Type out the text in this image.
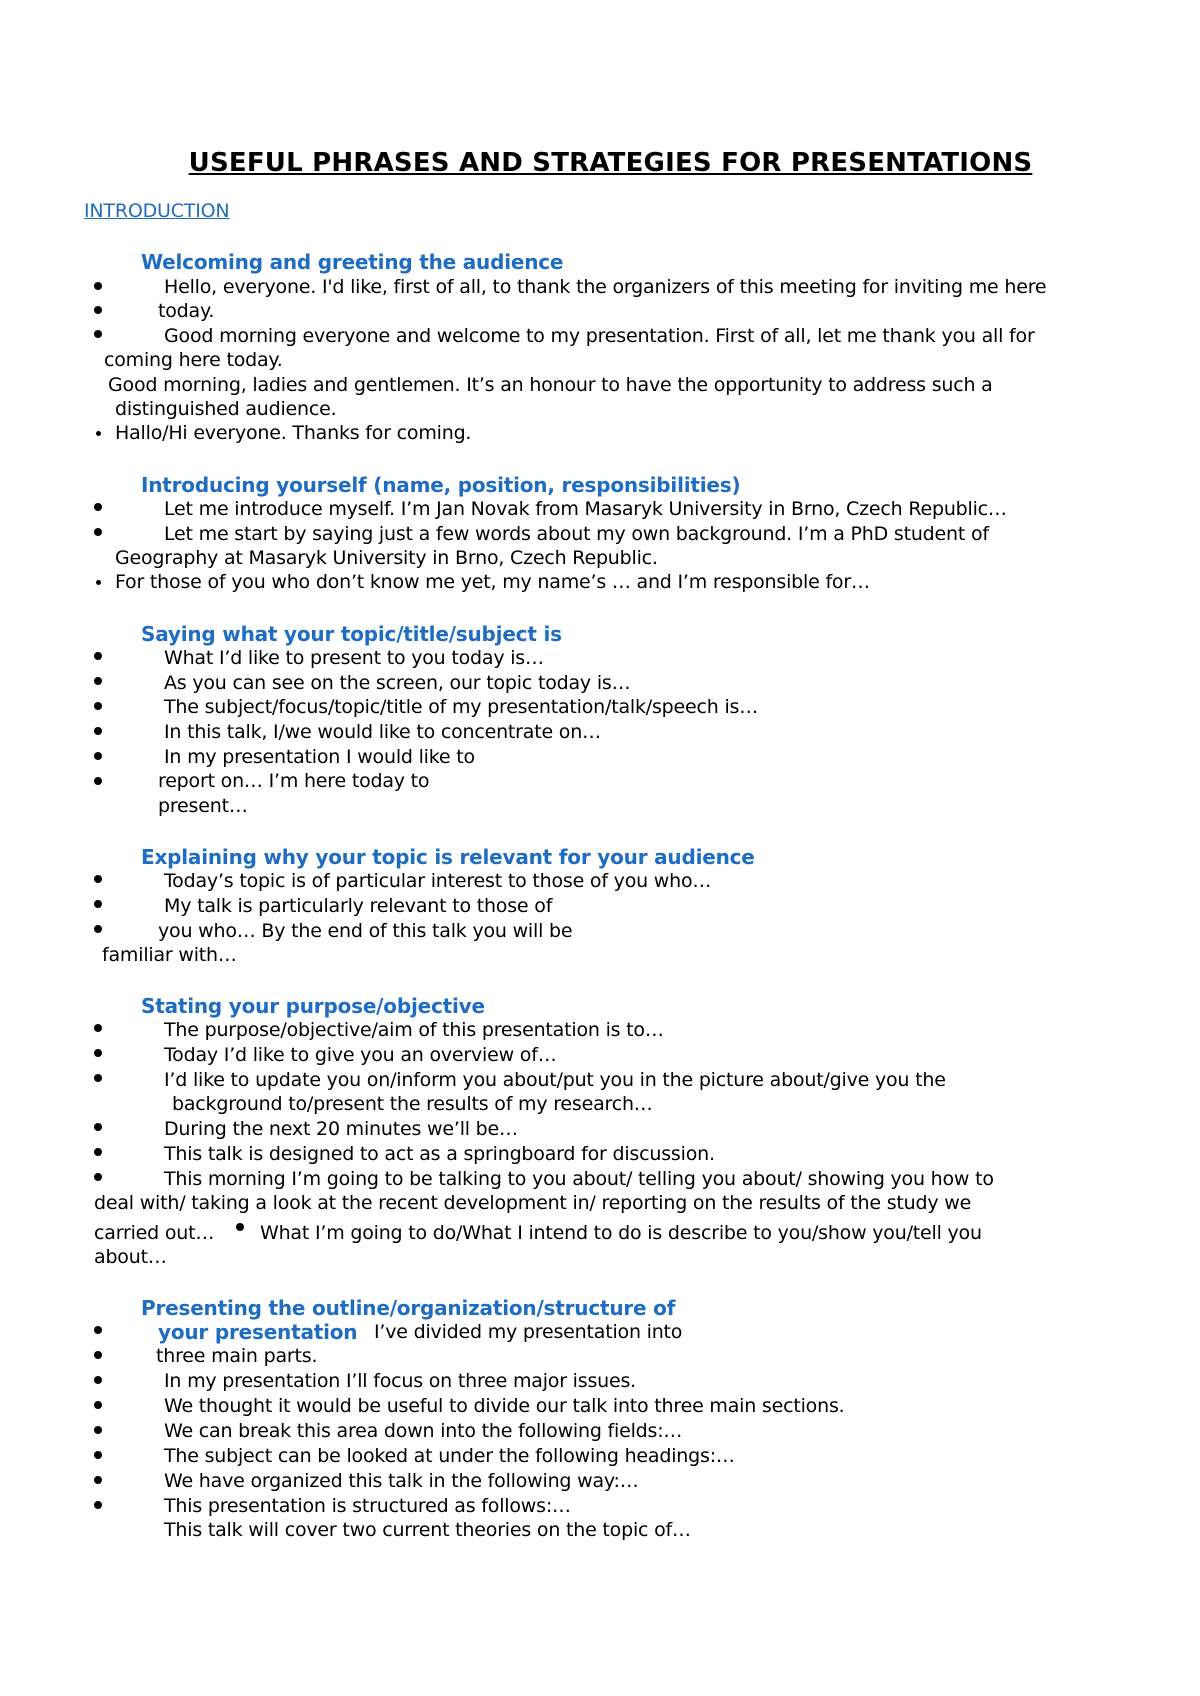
USEFUL PHRASES AND STRATEGIES FOR PRESENTATIONS
INTRODUCTION
Welcoming and greeting the audience
Hello, everyone. I'd like, first of all, to thank the organizers of this meeting for inviting me here
today.
Good morning everyone and welcome to my presentation. First of all, let me thank you all for
coming here today.
Good morning, ladies and gentlemen. It’s an honour to have the opportunity to address such a
distinguished audience.
Hallo/Hi everyone. Thanks for coming.
Introducing yourself (name, position, responsibilities)
Let me introduce myself. I’m Jan Novak from Masaryk University in Brno, Czech Republic…
Let me start by saying just a few words about my own background. I’m a PhD student of
Geography at Masaryk University in Brno, Czech Republic.
For those of you who don’t know me yet, my name’s … and I’m responsible for…
Saying what your topic/title/subject is
What I’d like to present to you today is…
As you can see on the screen, our topic today is…
The subject/focus/topic/title of my presentation/talk/speech is…
In this talk, I/we would like to concentrate on…
In my presentation I would like to
report on… I’m here today to
present…
Explaining why your topic is relevant for your audience
Today’s topic is of particular interest to those of you who…
My talk is particularly relevant to those of
you who… By the end of this talk you will be
familiar with…
Stating your purpose/objective
The purpose/objective/aim of this presentation is to…
Today I’d like to give you an overview of…
I’d like to update you on/inform you about/put you in the picture about/give you the
background to/present the results of my research…
During the next 20 minutes we’ll be…
This talk is designed to act as a springboard for discussion.
This morning I’m going to be talking to you about/ telling you about/ showing you how to
deal with/ taking a look at the recent development in/ reporting on the results of the study we
carried out… What I’m going to do/What I intend to do is describe to you/show you/tell you
about…
Presenting the outline/organization/structure of
your presentation I’ve divided my presentation into
three main parts.
In my presentation I’ll focus on three major issues.
We thought it would be useful to divide our talk into three main sections.
We can break this area down into the following fields:…
The subject can be looked at under the following headings:…
We have organized this talk in the following way:…
This presentation is structured as follows:…
This talk will cover two current theories on the topic of…
